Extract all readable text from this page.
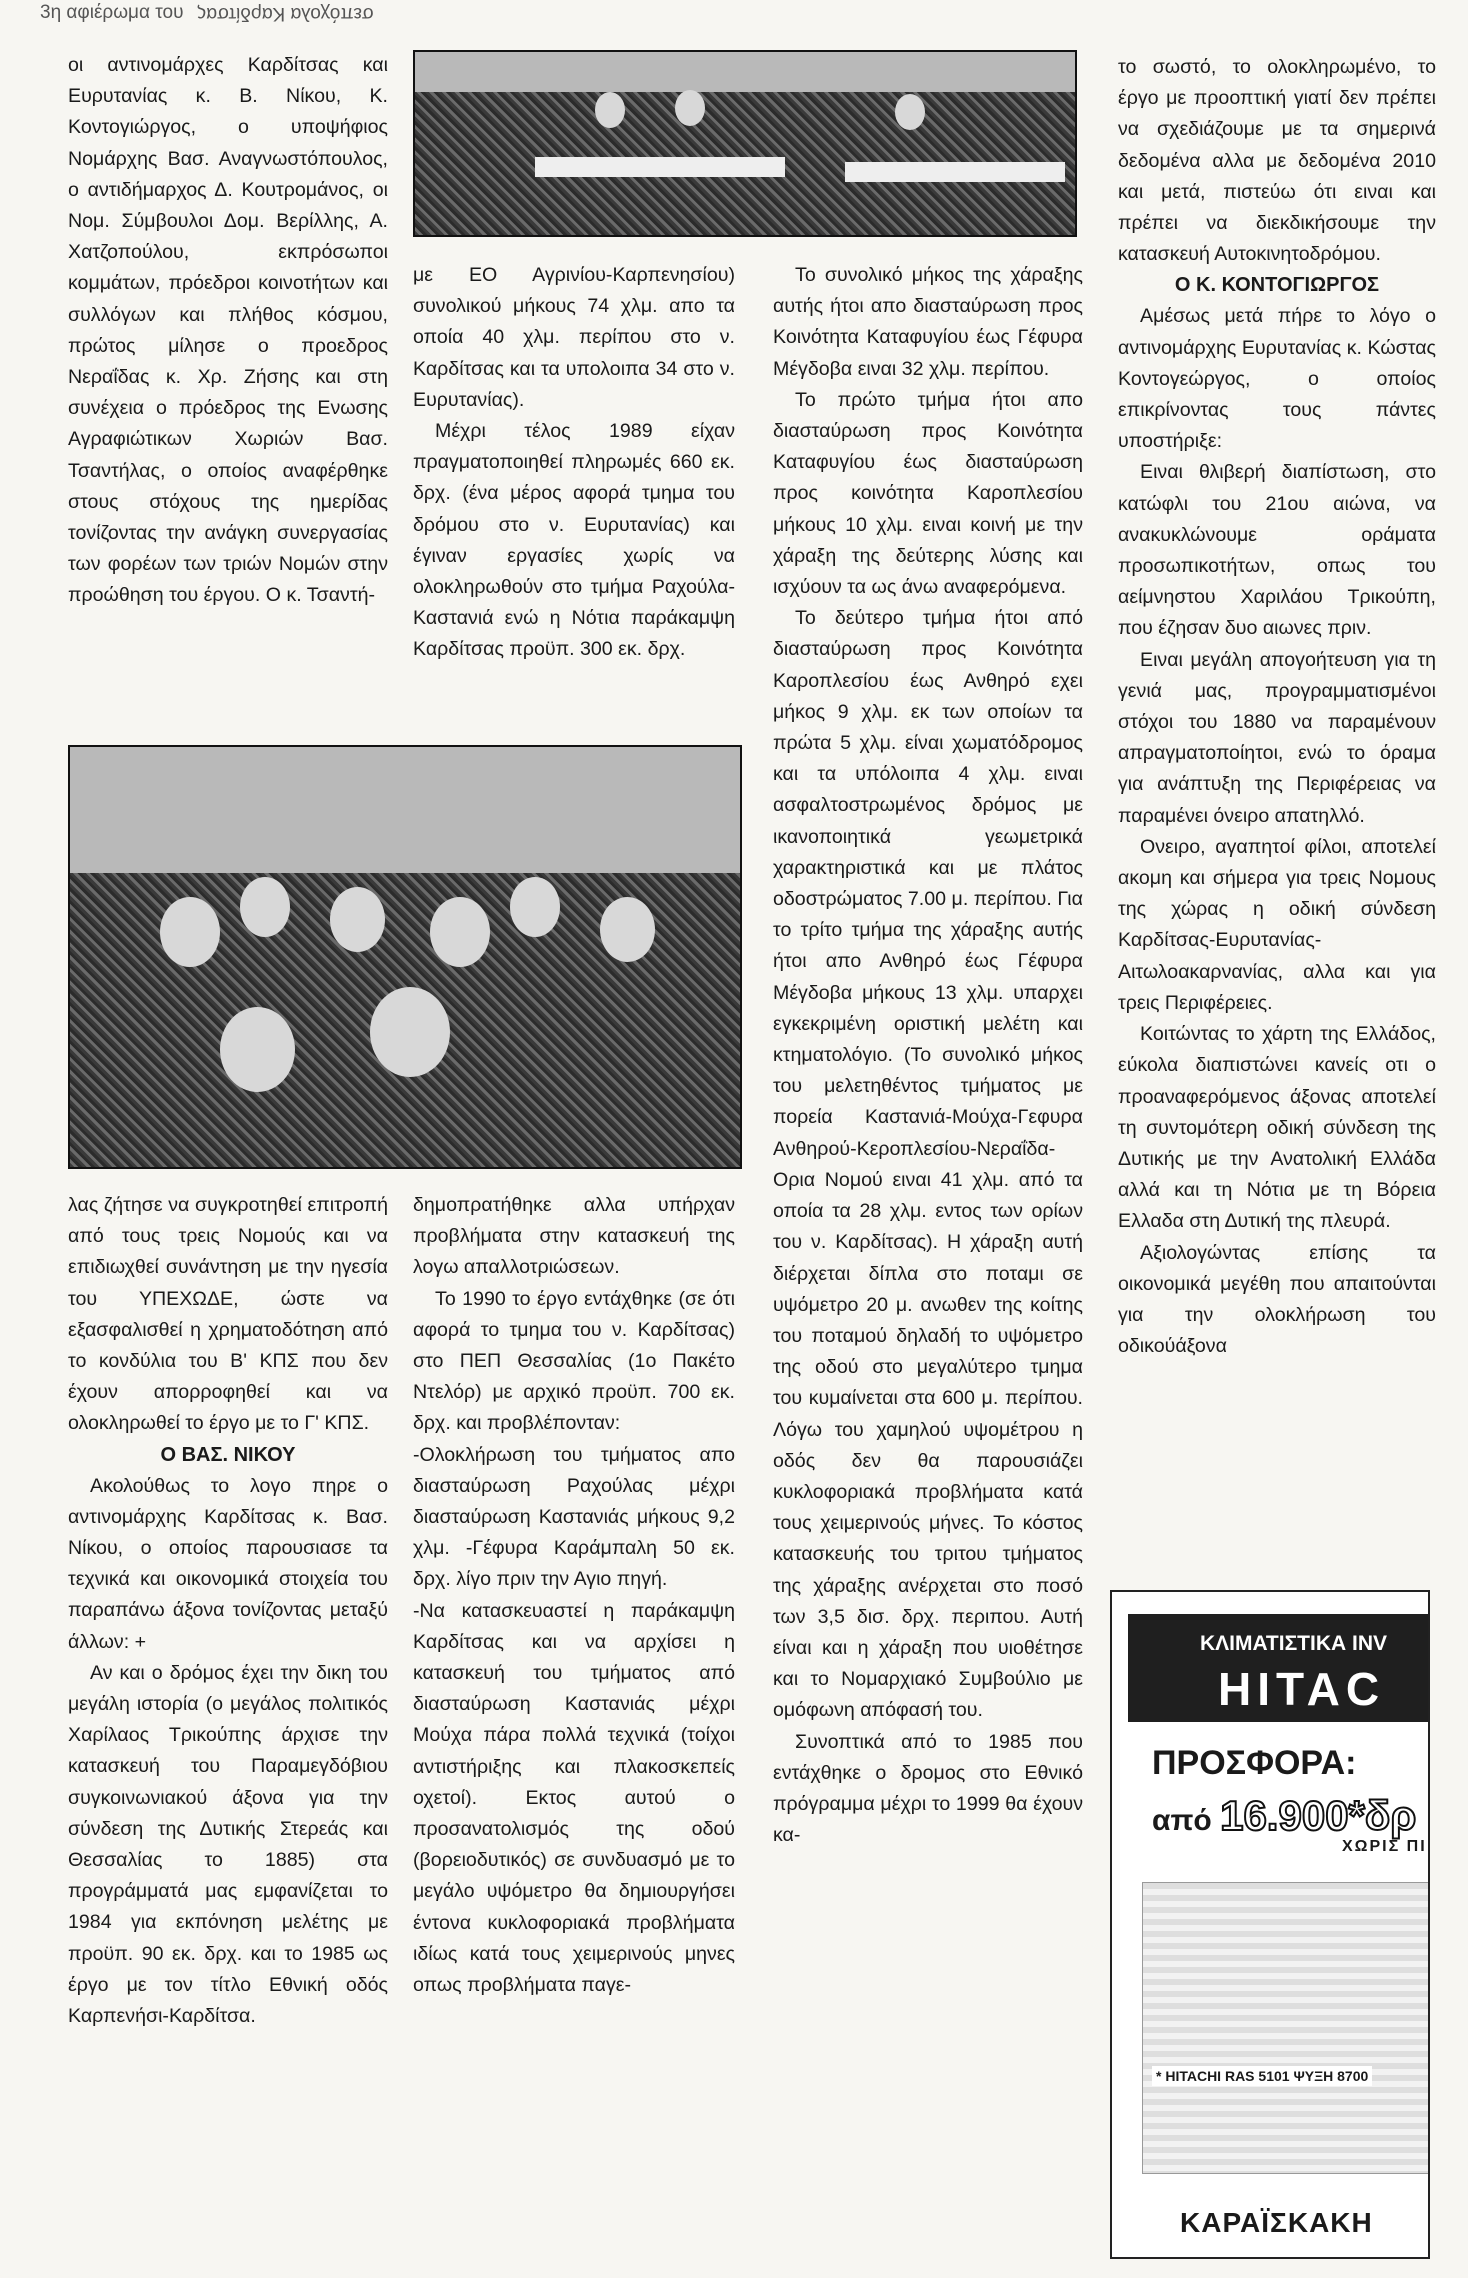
3η αφιέρωμα του σεπόχολα Καρδίτσας

οι αντινομάρχες Καρδίτσας και Ευρυτανίας κ. Β. Νίκου, Κ. Κοντογιώργος, ο υποψήφιος Νομάρχης Βασ. Αναγνωστόπουλος, ο αντιδήμαρχος Δ. Κουτρομάνος, οι Νομ. Σύμβουλοι Δομ. Βερίλλης, Α. Χατζοπούλου, εκπρόσωποι κομμάτων, πρόεδροι κοινοτήτων και συλλόγων και πλήθος κόσμου, πρώτος μίλησε ο προεδρος Νεραΐδας κ. Χρ. Ζήσης και στη συνέχεια ο πρόεδρος της Ενωσης Αγραφιώτικων Χωριών Βασ. Τσαντήλας, ο οποίος αναφέρθηκε στους στόχους της ημερίδας τονίζοντας την ανάγκη συνεργασίας των φορέων των τριών Νομών στην προώθηση του έργου. Ο κ. Τσαντή-

με ΕΟ Αγρινίου-Καρπενησίου) συνολικού μήκους 74 χλμ. απο τα οποία 40 χλμ. περίπου στο ν. Καρδίτσας και τα υπολοιπα 34 στο ν. Ευρυτανίας).

Μέχρι τέλος 1989 είχαν πραγματοποιηθεί πληρωμές 660 εκ. δρχ. (ένα μέρος αφορά τμημα του δρόμου στο ν. Ευρυτανίας) και έγιναν εργασίες χωρίς να ολοκληρωθούν στο τμήμα Ραχούλα-Καστανιά ενώ η Νότια παράκαμψη Καρδίτσας προϋπ. 300 εκ. δρχ.

Το συνολικό μήκος της χάραξης αυτής ήτοι απο διασταύρωση προς Κοινότητα Καταφυγίου έως Γέφυρα Μέγδοβα ειναι 32 χλμ. περίπου.

Το πρώτο τμήμα ήτοι απο διασταύρωση προς Κοινότητα Καταφυγίου έως διασταύρωση προς κοινότητα Καροπλεσίου μήκους 10 χλμ. ειναι κοινή με την χάραξη της δεύτερης λύσης και ισχύουν τα ως άνω αναφερόμενα.

Το δεύτερο τμήμα ήτοι από διασταύρωση προς Κοινότητα Καροπλεσίου έως Ανθηρό εχει μήκος 9 χλμ. εκ των οποίων τα πρώτα 5 χλμ. είναι χωματόδρομος και τα υπόλοιπα 4 χλμ. ειναι ασφαλτοστρωμένος δρόμος με ικανοποιητικά γεωμετρικά χαρακτηριστικά και με πλάτος οδοστρώματος 7.00 μ. περίπου. Για το τρίτο τμήμα της χάραξης αυτής ήτοι απο Ανθηρό έως Γέφυρα Μέγδοβα μήκους 13 χλμ. υπαρχει εγκεκριμένη οριστική μελέτη και κτηματολόγιο. (Το συνολικό μήκος του μελετηθέντος τμήματος με πορεία Καστανιά-Μούχα-Γεφυρα Ανθηρού-Κεροπλεσίου-Νεραΐδα-Ορια Νομού ειναι 41 χλμ. από τα οποία τα 28 χλμ. εντος των ορίων του ν. Καρδίτσας). Η χάραξη αυτή διέρχεται δίπλα στο ποταμι σε υψόμετρο 20 μ. ανωθεν της κοίτης του ποταμού δηλαδή το υψόμετρο της οδού στο μεγαλύτερο τμημα του κυμαίνεται στα 600 μ. περίπου. Λόγω του χαμηλού υψομέτρου η οδός δεν θα παρουσιάζει κυκλοφοριακά προβλήματα κατά τους χειμερινούς μήνες. Το κόστος κατασκευής του τριτου τμήματος της χάραξης ανέρχεται στο ποσό των 3,5 δισ. δρχ. περιπου. Αυτή είναι και η χάραξη που υιοθέτησε και το Νομαρχιακό Συμβούλιο με ομόφωνη απόφασή του.

Συνοπτικά από το 1985 που εντάχθηκε ο δρομος στο Εθνικό πρόγραμμα μέχρι το 1999 θα έχουν κα-

το σωστό, το ολοκληρωμένο, το έργο με προοπτική γιατί δεν πρέπει να σχεδιάζουμε με τα σημερινά δεδομένα αλλα με δεδομένα 2010 και μετά, πιστεύω ότι ειναι και πρέπει να διεκδικήσουμε την κατασκευή Αυτοκινητοδρόμου.

Ο Κ. ΚΟΝΤΟΓΙΩΡΓΟΣ

Αμέσως μετά πήρε το λόγο ο αντινομάρχης Ευρυτανίας κ. Κώστας Κοντογεώργος, ο οποίος επικρίνοντας τους πάντες υποστήριξε:

Ειναι θλιβερή διαπίστωση, στο κατώφλι του 21ου αιώνα, να ανακυκλώνουμε οράματα προσωπικοτήτων, οπως του αείμνηστου Χαριλάου Τρικούπη, που έζησαν δυο αιωνες πριν.

Ειναι μεγάλη απογοήτευση για τη γενιά μας, προγραμματισμένοι στόχοι του 1880 να παραμένουν απραγματοποίητοι, ενώ το όραμα για ανάπτυξη της Περιφέρειας να παραμένει όνειρο απατηλλό.

Ονειρο, αγαπητοί φίλοι, αποτελεί ακομη και σήμερα για τρεις Νομους της χώρας η οδική σύνδεση Καρδίτσας-Ευρυτανίας-Αιτωλοακαρνανίας, αλλα και για τρεις Περιφέρειες.

Κοιτώντας το χάρτη της Ελλάδος, εύκολα διαπιστώνει κανείς οτι ο προαναφερόμενος άξονας αποτελεί τη συντομότερη οδική σύνδεση της Δυτικής με την Ανατολική Ελλάδα αλλά και τη Νότια με τη Βόρεια Ελλαδα στη Δυτική της πλευρά.

Αξιολογώντας επίσης τα οικονομικά μεγέθη που απαιτούνται για την ολοκλήρωση του οδικούάξονα

λας ζήτησε να συγκροτηθεί επιτροπή από τους τρεις Νομούς και να επιδιωχθεί συνάντηση με την ηγεσία του ΥΠΕΧΩΔΕ, ώστε να εξασφαλισθεί η χρηματοδότηση από το κονδύλια του Β' ΚΠΣ που δεν έχουν απορροφηθεί και να ολοκληρωθεί το έργο με το Γ' ΚΠΣ.

Ο ΒΑΣ. ΝΙΚΟΥ

Ακολούθως το λογο πηρε ο αντινομάρχης Καρδίτσας κ. Βασ. Νίκου, ο οποίος παρουσιασε τα τεχνικά και οικονομικά στοιχεία του παραπάνω άξονα τονίζοντας μεταξύ άλλων: +

Αν και ο δρόμος έχει την δικη του μεγάλη ιστορία (ο μεγάλος πολιτικός Χαρίλαος Τρικούπης άρχισε την κατασκευή του Παραμεγδόβιου συγκοινωνιακού άξονα για την σύνδεση της Δυτικής Στερεάς και Θεσσαλίας το 1885) στα προγράμματά μας εμφανίζεται το 1984 για εκπόνηση μελέτης με προϋπ. 90 εκ. δρχ. και το 1985 ως έργο με τον τίτλο Εθνική οδός Καρπενήσι-Καρδίτσα.

δημοπρατήθηκε αλλα υπήρχαν προβλήματα στην κατασκευή της λογω απαλλοτριώσεων.

Το 1990 το έργο εντάχθηκε (σε ότι αφορά το τμημα του ν. Καρδίτσας) στο ΠΕΠ Θεσσαλίας (1ο Πακέτο Ντελόρ) με αρχικό προϋπ. 700 εκ. δρχ. και προβλέπονταν:

-Ολοκλήρωση του τμήματος απο διασταύρωση Ραχούλας μέχρι διασταύρωση Καστανιάς μήκους 9,2 χλμ. -Γέφυρα Καράμπαλη 50 εκ. δρχ. λίγο πριν την Αγιο πηγή.

-Να κατασκευαστεί η παράκαμψη Καρδίτσας και να αρχίσει η κατασκευή του τμήματος από διασταύρωση Καστανιάς μέχρι Μούχα πάρα πολλά τεχνικά (τοίχοι αντιστήριξης και πλακοσκεπείς οχετοί). Εκτος αυτού ο προσανατολισμός της οδού (βορειοδυτικός) σε συνδυασμό με το μεγάλο υψόμετρο θα δημιουργήσει έντονα κυκλοφοριακά προβλήματα ιδίως κατά τους χειμερινούς μηνες οπως προβλήματα παγε-

ΚΛΙΜΑΤΙΣΤΙΚΑ INV
HITAC
ΠΡΟΣΦΟΡΑ:
από 16.900*δρ
ΧΩΡΙΣ ΠΙ
* HITACHI RAS 5101 ΨΥΞΗ 8700
ΚΑΡΑΪΣΚΑΚΗ
